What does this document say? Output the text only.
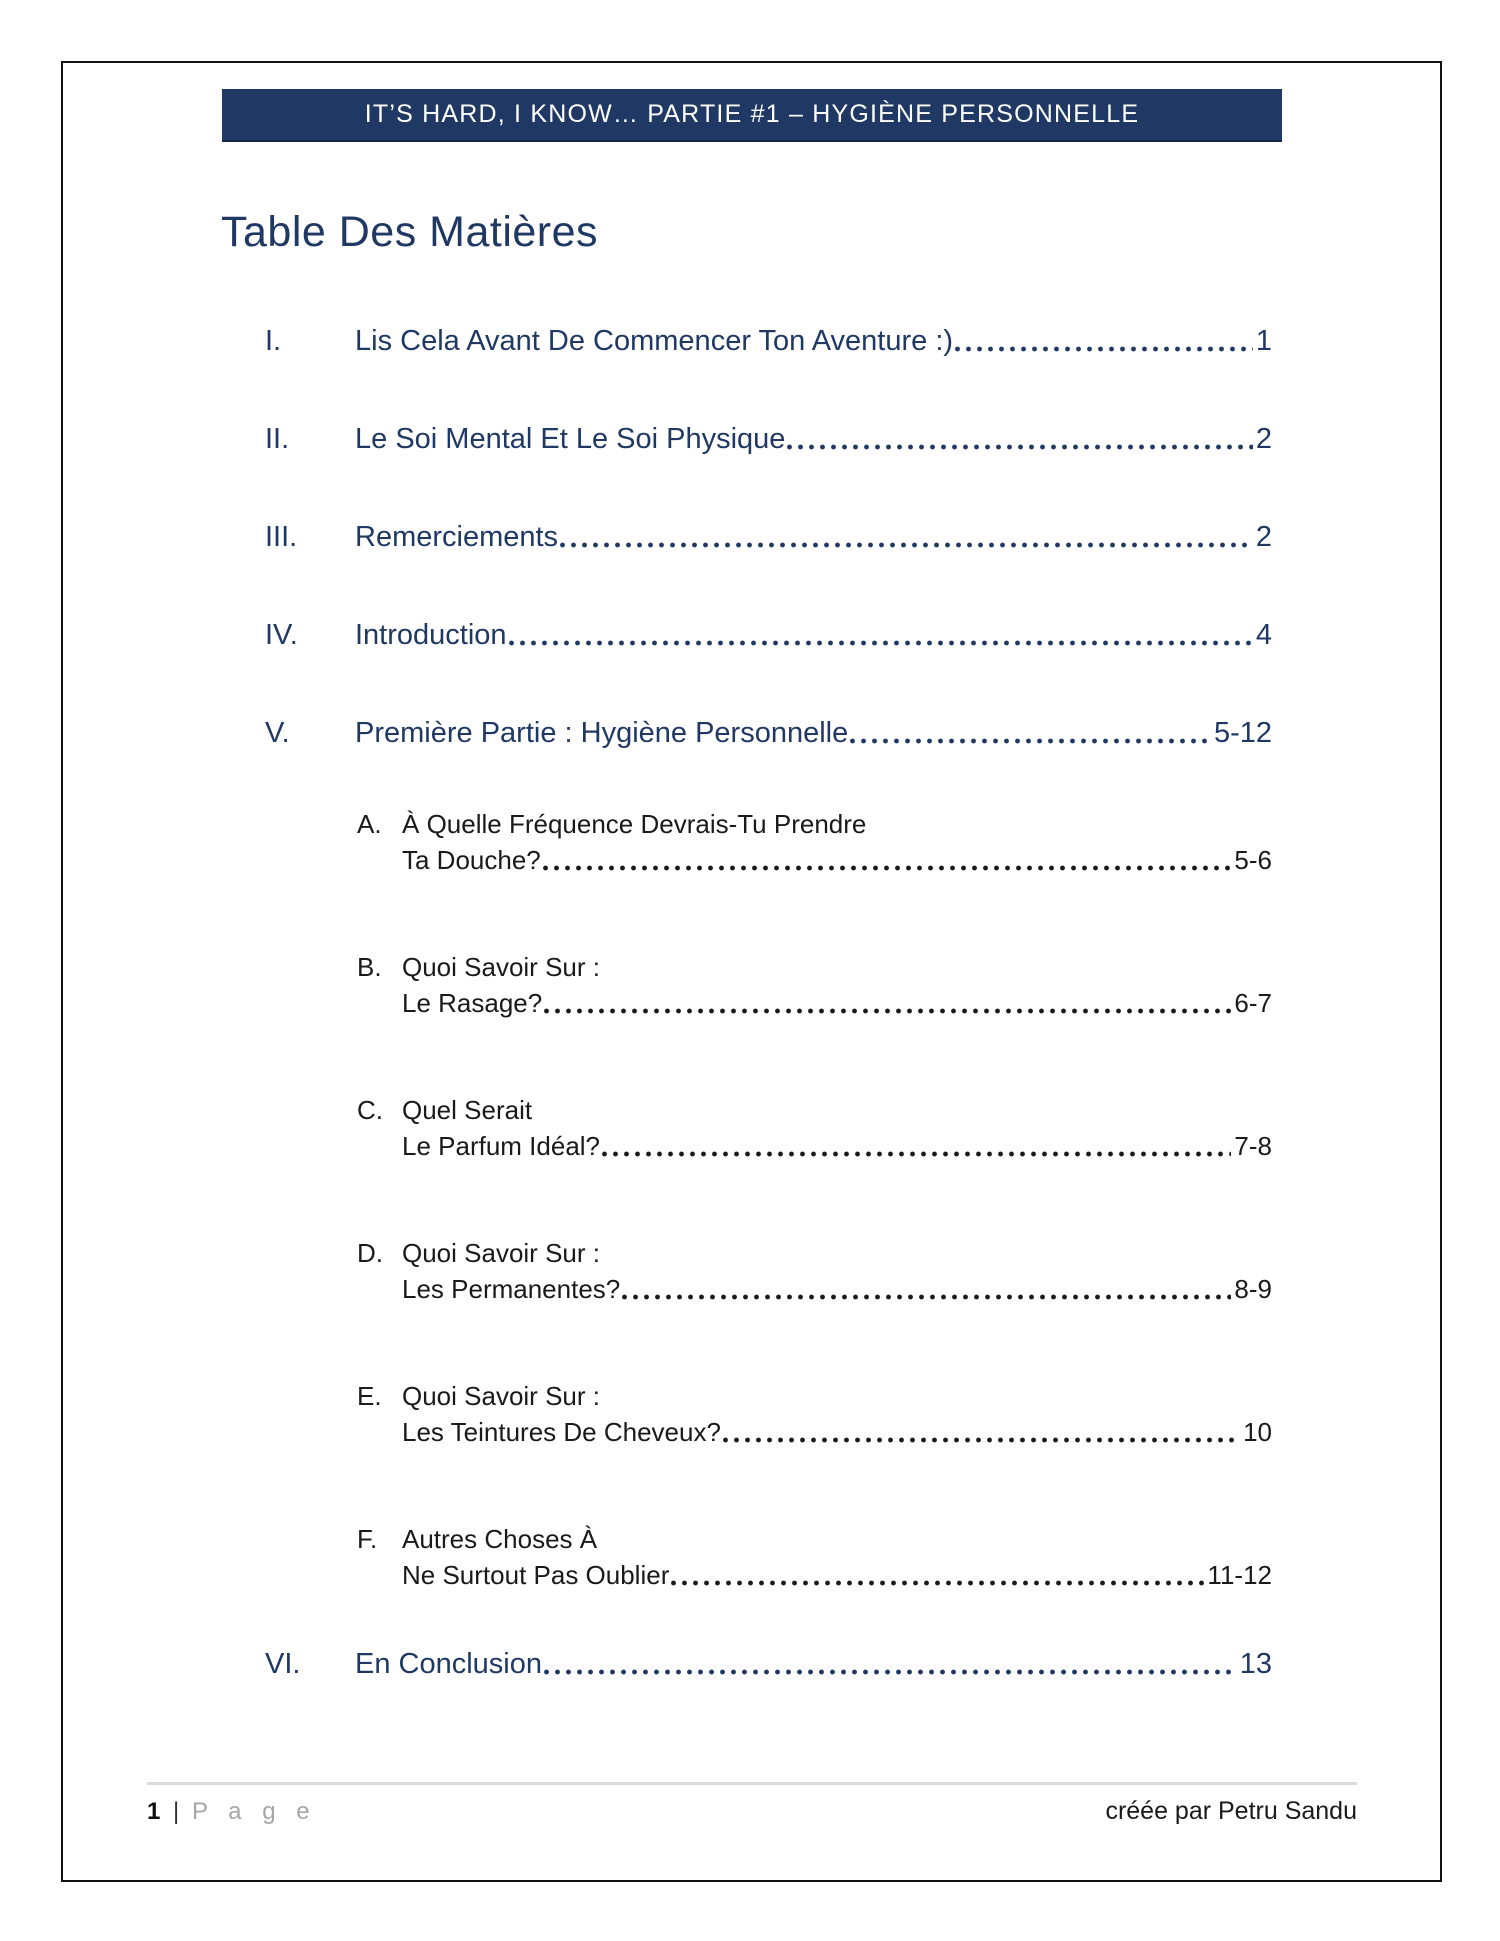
IT’S HARD, I KNOW… PARTIE #1 – HYGIÈNE PERSONNELLE
Table Des Matières
I.	Lis Cela Avant De Commencer Ton Aventure :)	1
II.	Le Soi Mental Et Le Soi Physique	2
III.	Remerciements	2
IV.	Introduction	4
V.	Première Partie : Hygiène Personnelle	5-12
A. À Quelle Fréquence Devrais-Tu Prendre
Ta Douche?	5-6
B. Quoi Savoir Sur :
Le Rasage?	6-7
C. Quel Serait
Le Parfum Idéal?	7-8
D. Quoi Savoir Sur :
Les Permanentes?	8-9
E. Quoi Savoir Sur :
Les Teintures De Cheveux?	10
F. Autres Choses À
Ne Surtout Pas Oublier	11-12
VI.	En Conclusion	13
1 | P a g e	créée par Petru Sandu
